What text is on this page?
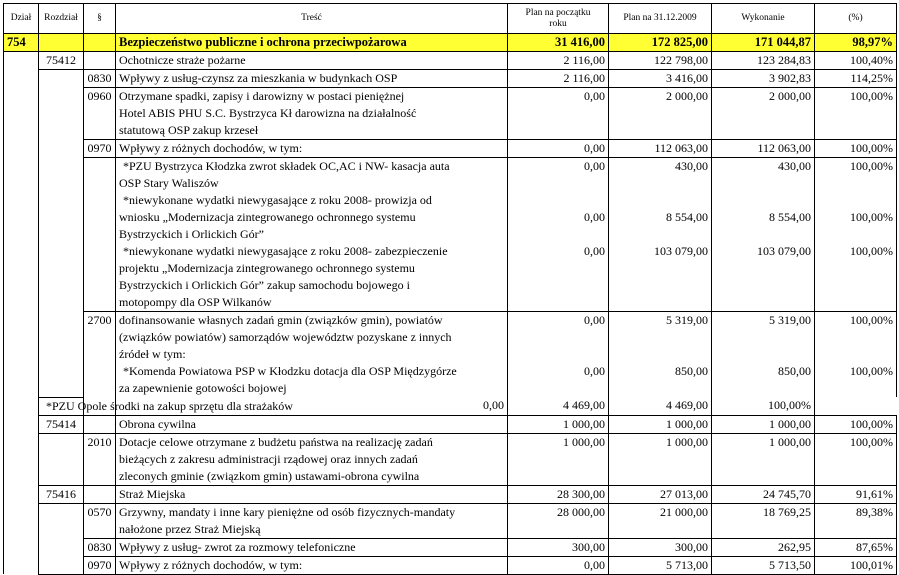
Dział	Rozdział	§	Treść	Plan na początku
roku	Plan na 31.12.2009	Wykonanie	(%)
754			Bezpieczeństwo publiczne i ochrona przeciwpożarowa	31 416,00	172 825,00	171 044,87	98,97%
	75412		Ochotnicze straże pożarne	2 116,00	122 798,00	123 284,83	100,40%
		0830	Wpływy z usług-czynsz za mieszkania w budynkach OSP	2 116,00	3 416,00	3 902,83	114,25%
		0960	Otrzymane spadki, zapisy i darowizny w postaci pieniężnej
Hotel ABIS PHU S.C. Bystrzyca Kł darowizna na działalność
statutową OSP zakup krzeseł	0,00	2 000,00	2 000,00	100,00%
		0970	Wpływy z różnych dochodów, w tym:	0,00	112 063,00	112 063,00	100,00%

			*PZU Bystrzyca Kłodzka zwrot składek OC,AC i NW- kasacja auta
OSP Stary Waliszów	0,00	430,00	430,00	100,00%

			*niewykonane wydatki niewygasające z roku 2008- prowizja od
wniosku „Modernizacja zintegrowanego ochronnego systemu
Bystrzyckich i Orlickich Gór”	0,00	8 554,00	8 554,00	100,00%

			*niewykonane wydatki niewygasające z roku 2008- zabezpieczenie
projektu „Modernizacja zintegrowanego ochronnego systemu
Bystrzyckich i Orlickich Gór” zakup samochodu bojowego i
motopompy dla OSP Wilkanów	0,00	103 079,00	103 079,00	100,00%
		2700	dofinansowanie własnych zadań gmin (związków gmin), powiatów
(związków powiatów) samorządów województw pozyskane z innych
źródeł w tym:	0,00	5 319,00	5 319,00	100,00%

			*Komenda Powiatowa PSP w Kłodzku dotacja dla OSP Międzygórze
za zapewnienie gotowości bojowej	0,00	850,00	850,00	100,00%

	*PZU Opole środki na zakup sprzętu dla strażaków		0,00	4 469,00	4 469,00	100,00%	
	75414		Obrona cywilna	1 000,00	1 000,00	1 000,00	100,00%
		2010	Dotacje celowe otrzymane z budżetu państwa na realizację zadań
bieżących z zakresu administracji rządowej oraz innych zadań
zleconych gminie (związkom gmin) ustawami-obrona cywilna	1 000,00	1 000,00	1 000,00	100,00%
	75416		Straż Miejska	28 300,00	27 013,00	24 745,70	91,61%
		0570	Grzywny, mandaty i inne kary pieniężne od osób fizycznych-mandaty
nałożone przez Straż Miejską	28 000,00	21 000,00	18 769,25	89,38%
		0830	Wpływy z usług- zwrot za rozmowy telefoniczne	300,00	300,00	262,95	87,65%
		0970	Wpływy z różnych dochodów, w tym:	0,00	5 713,00	5 713,50	100,01%
